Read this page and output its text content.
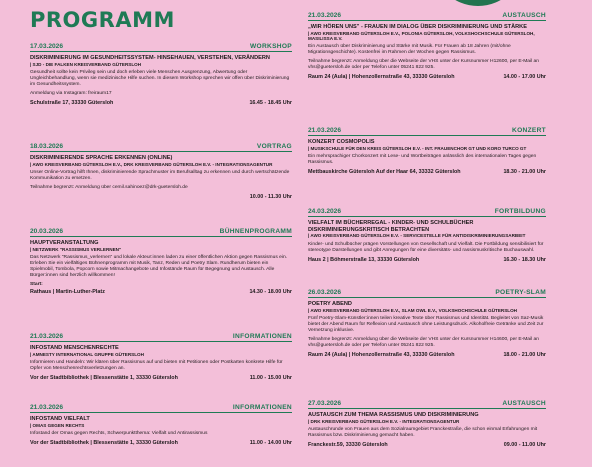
PROGRAMM
17.03.2026	WORKSHOP
DISKRIMINIERUNG IM GESUNDHEITSSYSTEM- HINSEHAUEN, VERSTEHEN, VERÄNDERN
| SJD - DIE FALKEN KREISVERBAND GÜTERSLOH
Gesundheit sollte kein Privileg sein und doch erleben viele Menschen Ausgrenzung, Abwertung oder Ungleichbehandlung, wenn sie medizinische Hilfe suchen. In diesem Workshop sprechen wir offen über Diskriminierung im Gesundheitssystem.
Anmeldung via Instagram: freiraum17
Schulstraße 17, 33330 Gütersloh	16.45 - 18.45 Uhr
18.03.2026	VORTRAG
DISKRIMINIERENDE SPRACHE ERKENNEN (ONLINE)
| AWO KREISVERBAND GÜTERSLOH E.V., DRK KREISVERBAND GÜTERSLOH E.V. - INTEGRATIONSAGENTUR
Unser Online-Vortrag hilft Ihnen, diskriminierende Sprachmuster im Berufsalltag zu erkennen und durch wertschätzende Kommunikation zu ersetzen.
Teilnahme begrenzt: Anmeldung über cemil.sahinoez@drk-guetersloh.de
10.00 - 11.30 Uhr
20.03.2026	BÜHNENPROGRAMM
HAUPTVERANSTALTUNG
| NETZWERK "RASSISMUS VERLERNEN"
Das Netzwerk "Rassismus_verlernen" und lokale Akteur:innen laden zu einer öffentlichen Aktion gegen Rassismus ein. Erleben Sie ein vielfältiges Bühnenprogramm mit Musik, Tanz, Reden und Poetry Slam. Rundherum bieten ein Spielmobil, Tombola, Popcorn sowie Mitmachangebote und Infostände Raum für Begegnung und Austausch. Alle Bürger:innen sind herzlich willkommen!
Start:
Rathaus | Martin-Luther-Platz	14.30 - 18.00 Uhr
21.03.2026	INFORMATIONEN
INFOSTAND MENSCHENRECHTE
| AMNESTY INTERNATIONAL GRUPPE GÜTERSLOH
Informieren und Handeln: Wir klären über Rassismus auf und bieten mit Petitionen oder Postkarten konkrete Hilfe für Opfer von Menschenrechtsverletzungen an.
Vor der Stadtbibliothek | Blessenstätte 1, 33330 Gütersloh	11.00 - 15.00 Uhr
21.03.2026	INFORMATIONEN
INFOSTAND VIELFALT
| OMAS GEGEN RECHTS
Infostand der Omas gegen Rechts, Schwerpunktthema: Vielfalt und Antirassismus
Vor der Stadtbibliothek | Blessenstätte 1, 33330 Gütersloh	11.00 - 14.00 Uhr
21.03.2026	AUSTAUSCH
„WIR HÖREN UNS" - FRAUEN IM DIALOG ÜBER DISKRIMINIERUNG UND STÄRKE
| AWO KREISVERBAND GÜTERSLOH E.V., POLONIA GÜTERSLOH, VOLKSHOCHSCHULE GÜTERSLOH, MASILISSA E.V.
Ein Austausch über Diskriminierung und Stärke mit Musik. Für Frauen ab 18 Jahren (mit/ohne Migrationsgeschichte). Kostenfrei im Rahmen der Wochen gegen Rassismus.
Teilnahme begrenzt: Anmeldung über die Webseite der VHS unter der Kursnummer H12600, per E-Mail an vhs@guetersloh.de oder per Telefon unter 05241 822 925.
Raum 24 (Aula) | Hohenzollernstraße 43, 33330 Gütersloh	14.00 - 17.00 Uhr
21.03.2026	KONZERT
KONZERT COSMOPOLIS
| MUSIKSCHULE FÜR DEN KREIS GÜTERSLOH E.V. - INT. FRAUENCHOR GT UND KORO TURCO GT
Ein mehrsprachiger Chorkonzert mit Lese- und Wortbeiträgen anlässlich des internationalen Tages gegen Rassismus.
Mettbauskirche Gütersloh Auf der Haar 64, 33332 Gütersloh	18.30 - 21.00 Uhr
24.03.2026	FORTBILDUNG
VIELFALT IM BÜCHERREGAL - KINDER- UND SCHULBÜCHER DISKRIMINIERUNGSKRITISCH BETRACHTEN
| AWO KREISVERBAND GÜTERSLOH E.V. - SERVICESTELLE FÜR ANTIDISKRIMINIERUNGSARBEIT
Kinder- und Schulbücher prägen Vorstellungen von Gesellschaft und Vielfalt. Die Fortbildung sensibilisiert für stereotype Darstellungen und gibt Anregungen für eine diversitäts- und rassismuskritische Buchauswahl.
Haus 2 | Böhmerstraße 13, 33330 Gütersloh	16.30 - 18.30 Uhr
26.03.2026	POETRY-SLAM
POETRY ABEND
| AWO KREISVERBAND GÜTERSLOH E.V., SLAM OWL E.V., VOLKSHOCHSCHULE GÜTERSLOH
Fünf Poetry-Slam-Künstler:innen teilen kreative Texte über Rassismus und Identität. Begleitet von Saz-Musik bietet der Abend Raum für Reflexion und Austausch ohne Leistungsdruck. Alkoholfreie Getränke und Zeit zur Vernetzung inklusive.
Teilnahme begrenzt: Anmeldung über die Webseite der VHS unter der Kursnummer H14600, per E-Mail an vhs@guetersloh.de oder per Telefon unter 05241 822 925.
Raum 24 (Aula) | Hohenzollernstraße 43, 33330 Gütersloh	18.00 - 21.00 Uhr
27.03.2026	AUSTAUSCH
AUSTAUSCH ZUM THEMA RASSISMUS UND DISKRIMINIERUNG
| DRK KREISVERBAND GÜTERSLOH E.V. - INTEGRATIONSAGENTUR
Austauschrunde von Frauen aus dem Sozialraumgebiet Franckestraße, die schon einmal Erfahrungen mit Rassismus bzw. Diskriminierung gemacht haben.
Franckestr.59, 33330 Gütersloh	09.00 - 11.00 Uhr
